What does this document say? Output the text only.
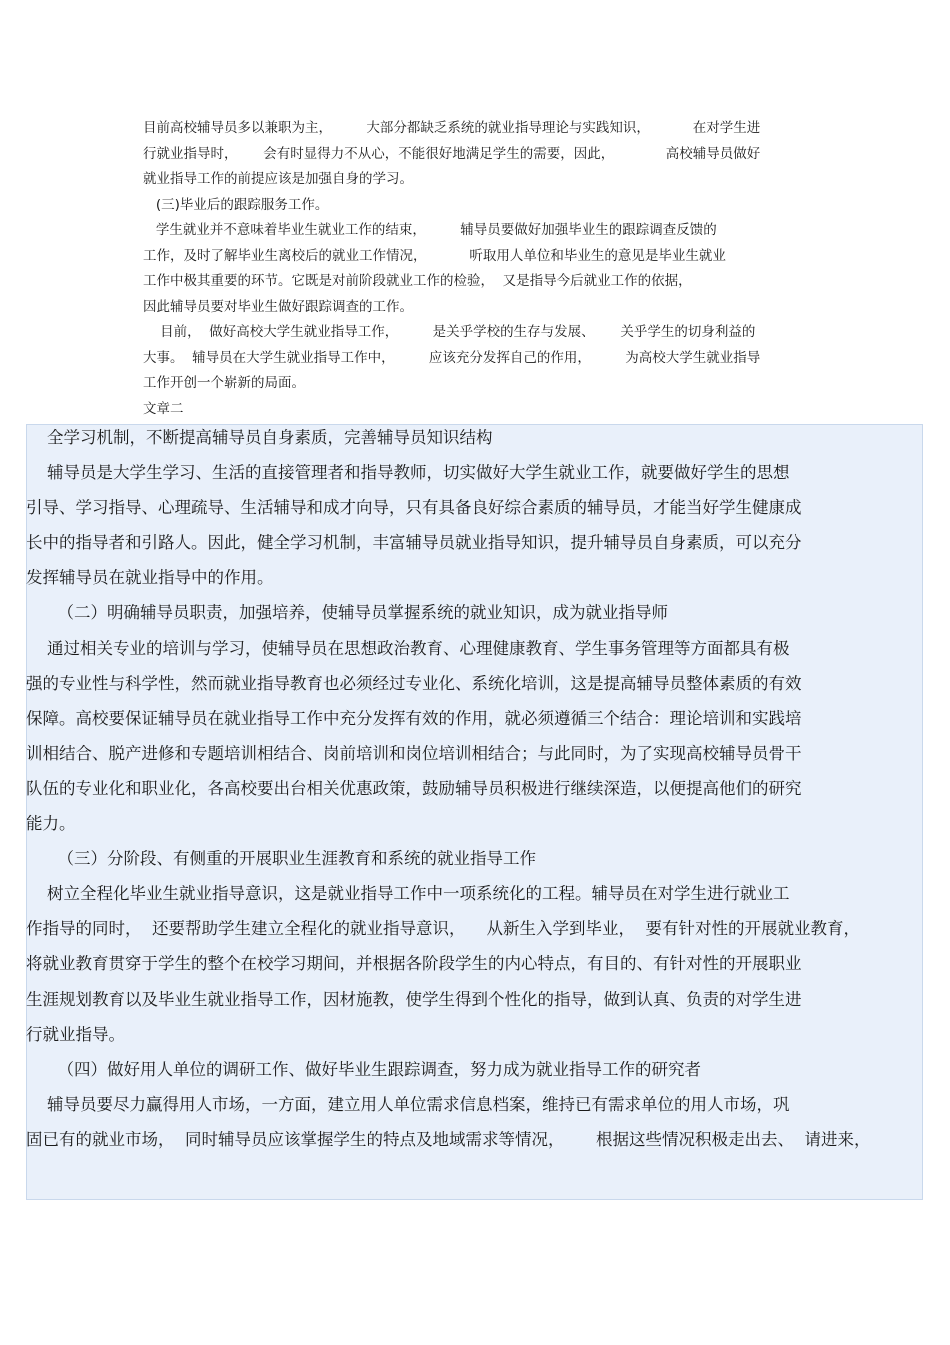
目前高校辅导员多以兼职为主，        大部分都缺乏系统的就业指导理论与实践知识，          在对学生进
行就业指导时，      会有时显得力不从心，不能很好地满足学生的需要，因此，            高校辅导员做好
就业指导工作的前提应该是加强自身的学习。
(三)毕业后的跟踪服务工作。
学生就业并不意味着毕业生就业工作的结束，        辅导员要做好加强毕业生的跟踪调查反馈的
工作，及时了解毕业生离校后的就业工作情况，          听取用人单位和毕业生的意见是毕业生就业
工作中极其重要的环节。它既是对前阶段就业工作的检验，  又是指导今后就业工作的依据，
因此辅导员要对毕业生做好跟踪调查的工作。
目前，  做好高校大学生就业指导工作，        是关乎学校的生存与发展、      关乎学生的切身利益的
大事。  辅导员在大学生就业指导工作中，        应该充分发挥自己的作用，        为高校大学生就业指导
工作开创一个崭新的局面。
文章二
全学习机制，不断提高辅导员自身素质，完善辅导员知识结构
辅导员是大学生学习、生活的直接管理者和指导教师，切实做好大学生就业工作，就要做好学生的思想
引导、学习指导、心理疏导、生活辅导和成才向导，只有具备良好综合素质的辅导员，才能当好学生健康成
长中的指导者和引路人。因此，健全学习机制，丰富辅导员就业指导知识，提升辅导员自身素质，可以充分
发挥辅导员在就业指导中的作用。
（二）明确辅导员职责，加强培养，使辅导员掌握系统的就业知识，成为就业指导师
通过相关专业的培训与学习，使辅导员在思想政治教育、心理健康教育、学生事务管理等方面都具有极
强的专业性与科学性，然而就业指导教育也必须经过专业化、系统化培训，这是提高辅导员整体素质的有效
保障。高校要保证辅导员在就业指导工作中充分发挥有效的作用，就必须遵循三个结合：理论培训和实践培
训相结合、脱产进修和专题培训相结合、岗前培训和岗位培训相结合；与此同时，为了实现高校辅导员骨干
队伍的专业化和职业化，各高校要出台相关优惠政策，鼓励辅导员积极进行继续深造，以便提高他们的研究
能力。
（三）分阶段、有侧重的开展职业生涯教育和系统的就业指导工作
树立全程化毕业生就业指导意识，这是就业指导工作中一项系统化的工程。辅导员在对学生进行就业工
作指导的同时，  还要帮助学生建立全程化的就业指导意识，    从新生入学到毕业，  要有针对性的开展就业教育，
将就业教育贯穿于学生的整个在校学习期间，并根据各阶段学生的内心特点，有目的、有针对性的开展职业
生涯规划教育以及毕业生就业指导工作，因材施教，使学生得到个性化的指导，做到认真、负责的对学生进
行就业指导。
（四）做好用人单位的调研工作、做好毕业生跟踪调查，努力成为就业指导工作的研究者
辅导员要尽力赢得用人市场，一方面，建立用人单位需求信息档案，维持已有需求单位的用人市场，巩
固已有的就业市场，  同时辅导员应该掌握学生的特点及地域需求等情况，      根据这些情况积极走出去、  请进来，
